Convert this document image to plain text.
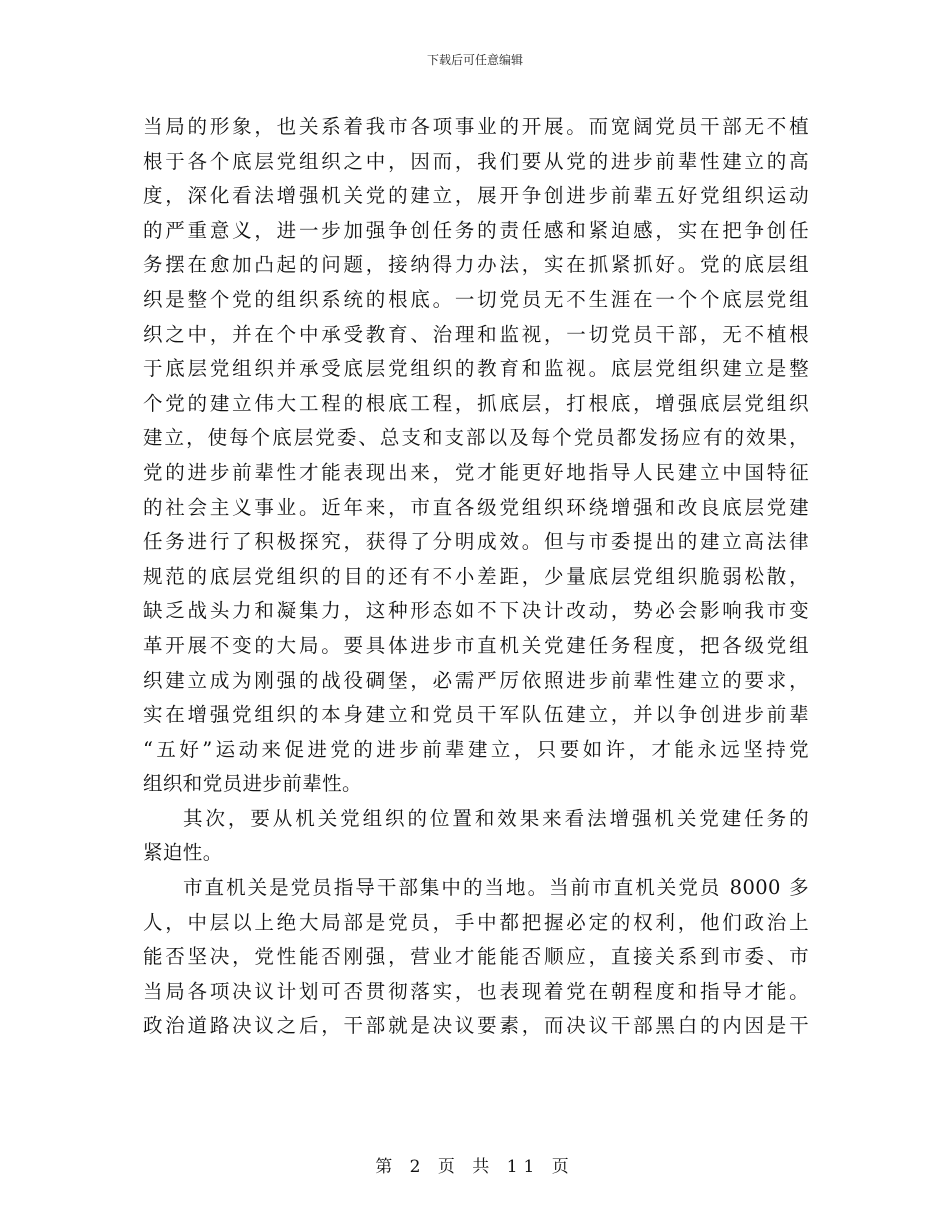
下载后可任意编辑
当局的形象，也关系着我市各项事业的开展。而宽阔党员干部无不植
根于各个底层党组织之中，因而，我们要从党的进步前辈性建立的高
度，深化看法增强机关党的建立，展开争创进步前辈五好党组织运动
的严重意义，进一步加强争创任务的责任感和紧迫感，实在把争创任
务摆在愈加凸起的问题，接纳得力办法，实在抓紧抓好。党的底层组
织是整个党的组织系统的根底。一切党员无不生涯在一个个底层党组
织之中，并在个中承受教育、治理和监视，一切党员干部，无不植根
于底层党组织并承受底层党组织的教育和监视。底层党组织建立是整
个党的建立伟大工程的根底工程，抓底层，打根底，增强底层党组织
建立，使每个底层党委、总支和支部以及每个党员都发扬应有的效果，
党的进步前辈性才能表现出来，党才能更好地指导人民建立中国特征
的社会主义事业。近年来，市直各级党组织环绕增强和改良底层党建
任务进行了积极探究，获得了分明成效。但与市委提出的建立高法律
规范的底层党组织的目的还有不小差距，少量底层党组织脆弱松散，
缺乏战头力和凝集力，这种形态如不下决计改动，势必会影响我市变
革开展不变的大局。要具体进步市直机关党建任务程度，把各级党组
织建立成为刚强的战役碉堡，必需严厉依照进步前辈性建立的要求，
实在增强党组织的本身建立和党员干军队伍建立，并以争创进步前辈
“五好”运动来促进党的进步前辈建立，只要如许，才能永远坚持党
组织和党员进步前辈性。
其次，要从机关党组织的位置和效果来看法增强机关党建任务的
紧迫性。
市直机关是党员指导干部集中的当地。当前市直机关党员 8000 多
人，中层以上绝大局部是党员，手中都把握必定的权利，他们政治上
能否坚决，党性能否刚强，营业才能能否顺应，直接关系到市委、市
当局各项决议计划可否贯彻落实，也表现着党在朝程度和指导才能。
政治道路决议之后，干部就是决议要素，而决议干部黑白的内因是干
第 2 页 共 11 页
